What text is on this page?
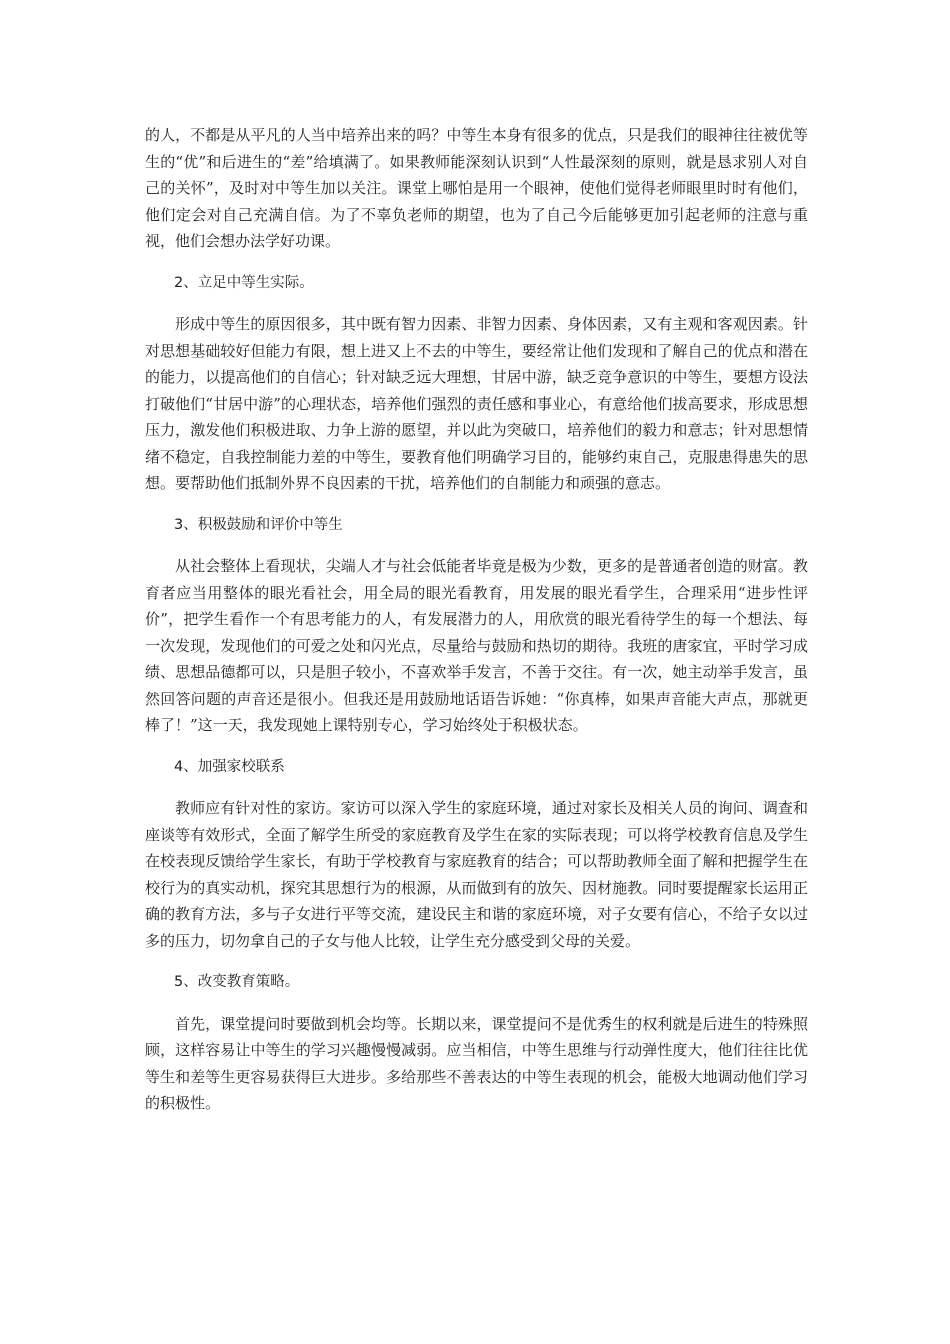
的人，不都是从平凡的人当中培养出来的吗？中等生本身有很多的优点，只是我们的眼神往往被优等生的“优”和后进生的“差”给填满了。如果教师能深刻认识到“人性最深刻的原则，就是恳求别人对自己的关怀”，及时对中等生加以关注。课堂上哪怕是用一个眼神，使他们觉得老师眼里时时有他们，他们定会对自己充满自信。为了不辜负老师的期望，也为了自己今后能够更加引起老师的注意与重视，他们会想办法学好功课。

2、立足中等生实际。

形成中等生的原因很多，其中既有智力因素、非智力因素、身体因素，又有主观和客观因素。针对思想基础较好但能力有限，想上进又上不去的中等生，要经常让他们发现和了解自己的优点和潜在的能力，以提高他们的自信心；针对缺乏远大理想，甘居中游，缺乏竞争意识的中等生，要想方设法打破他们“甘居中游”的心理状态，培养他们强烈的责任感和事业心，有意给他们拔高要求，形成思想压力，激发他们积极进取、力争上游的愿望，并以此为突破口，培养他们的毅力和意志；针对思想情绪不稳定，自我控制能力差的中等生，要教育他们明确学习目的，能够约束自己，克服患得患失的思想。要帮助他们抵制外界不良因素的干扰，培养他们的自制能力和顽强的意志。

3、积极鼓励和评价中等生

从社会整体上看现状，尖端人才与社会低能者毕竟是极为少数，更多的是普通者创造的财富。教育者应当用整体的眼光看社会，用全局的眼光看教育，用发展的眼光看学生，合理采用“进步性评价”，把学生看作一个有思考能力的人，有发展潜力的人，用欣赏的眼光看待学生的每一个想法、每一次发现，发现他们的可爱之处和闪光点，尽量给与鼓励和热切的期待。我班的唐家宜，平时学习成绩、思想品德都可以，只是胆子较小，不喜欢举手发言，不善于交往。有一次，她主动举手发言，虽然回答问题的声音还是很小。但我还是用鼓励地话语告诉她：“你真棒，如果声音能大声点，那就更棒了！”这一天，我发现她上课特别专心，学习始终处于积极状态。

4、加强家校联系

教师应有针对性的家访。家访可以深入学生的家庭环境，通过对家长及相关人员的询问、调查和座谈等有效形式，全面了解学生所受的家庭教育及学生在家的实际表现；可以将学校教育信息及学生在校表现反馈给学生家长，有助于学校教育与家庭教育的结合；可以帮助教师全面了解和把握学生在校行为的真实动机，探究其思想行为的根源，从而做到有的放矢、因材施教。同时要提醒家长运用正确的教育方法，多与子女进行平等交流，建设民主和谐的家庭环境，对子女要有信心，不给子女以过多的压力，切勿拿自己的子女与他人比较，让学生充分感受到父母的关爱。

5、改变教育策略。

首先，课堂提问时要做到机会均等。长期以来，课堂提问不是优秀生的权利就是后进生的特殊照顾，这样容易让中等生的学习兴趣慢慢减弱。应当相信，中等生思维与行动弹性度大，他们往往比优等生和差等生更容易获得巨大进步。多给那些不善表达的中等生表现的机会，能极大地调动他们学习的积极性。
